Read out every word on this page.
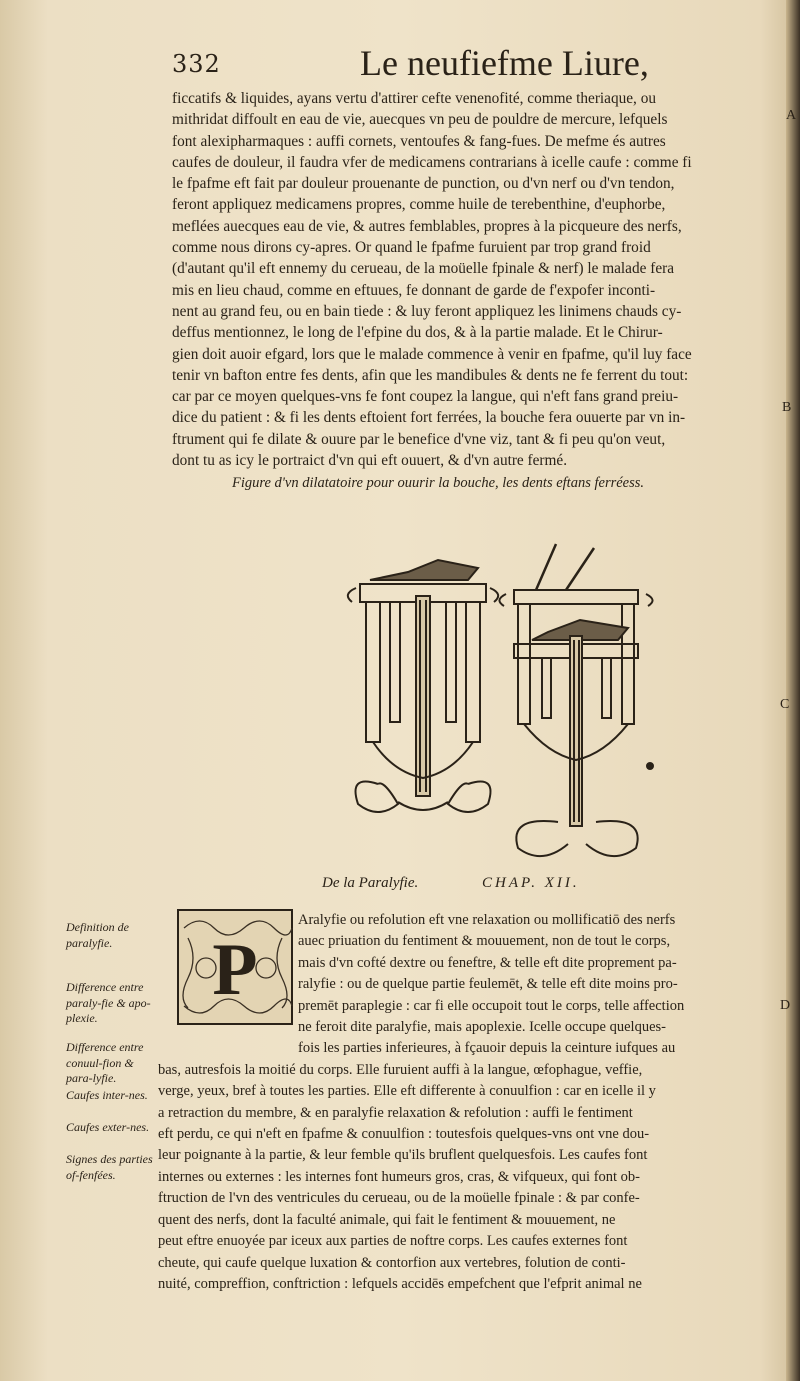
332	Le neufiefme Liure,

ficcatifs & liquides, ayans vertu d'attirer cefte venenofité, comme theriaque, ou

mithridat diffoult en eau de vie, auecques vn peu de pouldre de mercure, lefquels

font alexipharmaques : auffi cornets, ventoufes & fang-fues. De mefme és autres

caufes de douleur, il faudra vfer de medicamens contrarians à icelle caufe : comme fi

le fpafme eft fait par douleur prouenante de punction, ou d'vn nerf ou d'vn tendon,

feront appliquez medicamens propres, comme huile de terebenthine, d'euphorbe,

meflées auecques eau de vie, & autres femblables, propres à la picqueure des nerfs,

comme nous dirons cy-apres. Or quand le fpafme furuient par trop grand froid

(d'autant qu'il eft ennemy du cerueau, de la moüelle fpinale & nerf) le malade fera

mis en lieu chaud, comme en eftuues, fe donnant de garde de f'expofer inconti-

nent au grand feu, ou en bain tiede : & luy feront appliquez les linimens chauds cy-

deffus mentionnez, le long de l'efpine du dos, & à la partie malade. Et le Chirur-

gien doit auoir efgard, lors que le malade commence à venir en fpafme, qu'il luy face

tenir vn bafton entre fes dents, afin que les mandibules & dents ne fe ferrent du tout:

car par ce moyen quelques-vns fe font coupez la langue, qui n'eft fans grand preiu-

dice du patient : & fi les dents eftoient fort ferrées, la bouche fera ouuerte par vn in-

ftrument qui fe dilate & ouure par le benefice d'vne viz, tant & fi peu qu'on veut,

dont tu as icy le portraict d'vn qui eft ouuert, & d'vn autre fermé.

A
B
C
D
Figure d'vn dilatatoire pour ouurir la bouche, les dents eftans ferréess.
De la Paralyfie.	CHAP. XII.
Definition de paralyfie.
Difference entre paraly-fie & apo-plexie.
Difference entre conuul-fion & para-lyfie.
Caufes inter-nes.
Caufes exter-nes.
Signes des parties of-fenfées.
P
Aralyfie ou refolution eft vne relaxation ou mollificatiō des nerfs
auec priuation du fentiment & mouuement, non de tout le corps,
mais d'vn cofté dextre ou feneftre, & telle eft dite proprement pa-
ralyfie : ou de quelque partie feulemēt, & telle eft dite moins pro-
premēt paraplegie : car fi elle occupoit tout le corps, telle affection
ne feroit dite paralyfie, mais apoplexie. Icelle occupe quelques-
fois les parties inferieures, à fçauoir depuis la ceinture iufques au
bas, autresfois la moitié du corps. Elle furuient auffi à la langue, œfophague, veffie,
verge, yeux, bref à toutes les parties. Elle eft differente à conuulfion : car en icelle il y
a retraction du membre, & en paralyfie relaxation & refolution : auffi le fentiment
eft perdu, ce qui n'eft en fpafme & conuulfion : toutesfois quelques-vns ont vne dou-
leur poignante à la partie, & leur femble qu'ils bruflent quelquesfois. Les caufes font
internes ou externes : les internes font humeurs gros, cras, & vifqueux, qui font ob-
ftruction de l'vn des ventricules du cerueau, ou de la moüelle fpinale : & par confe-
quent des nerfs, dont la faculté animale, qui fait le fentiment & mouuement, ne
peut eftre enuoyée par iceux aux parties de noftre corps. Les caufes externes font
cheute, qui caufe quelque luxation & contorfion aux vertebres, folution de conti-
nuité, compreffion, conftriction : lefquels accidēs empefchent que l'efprit animal ne
